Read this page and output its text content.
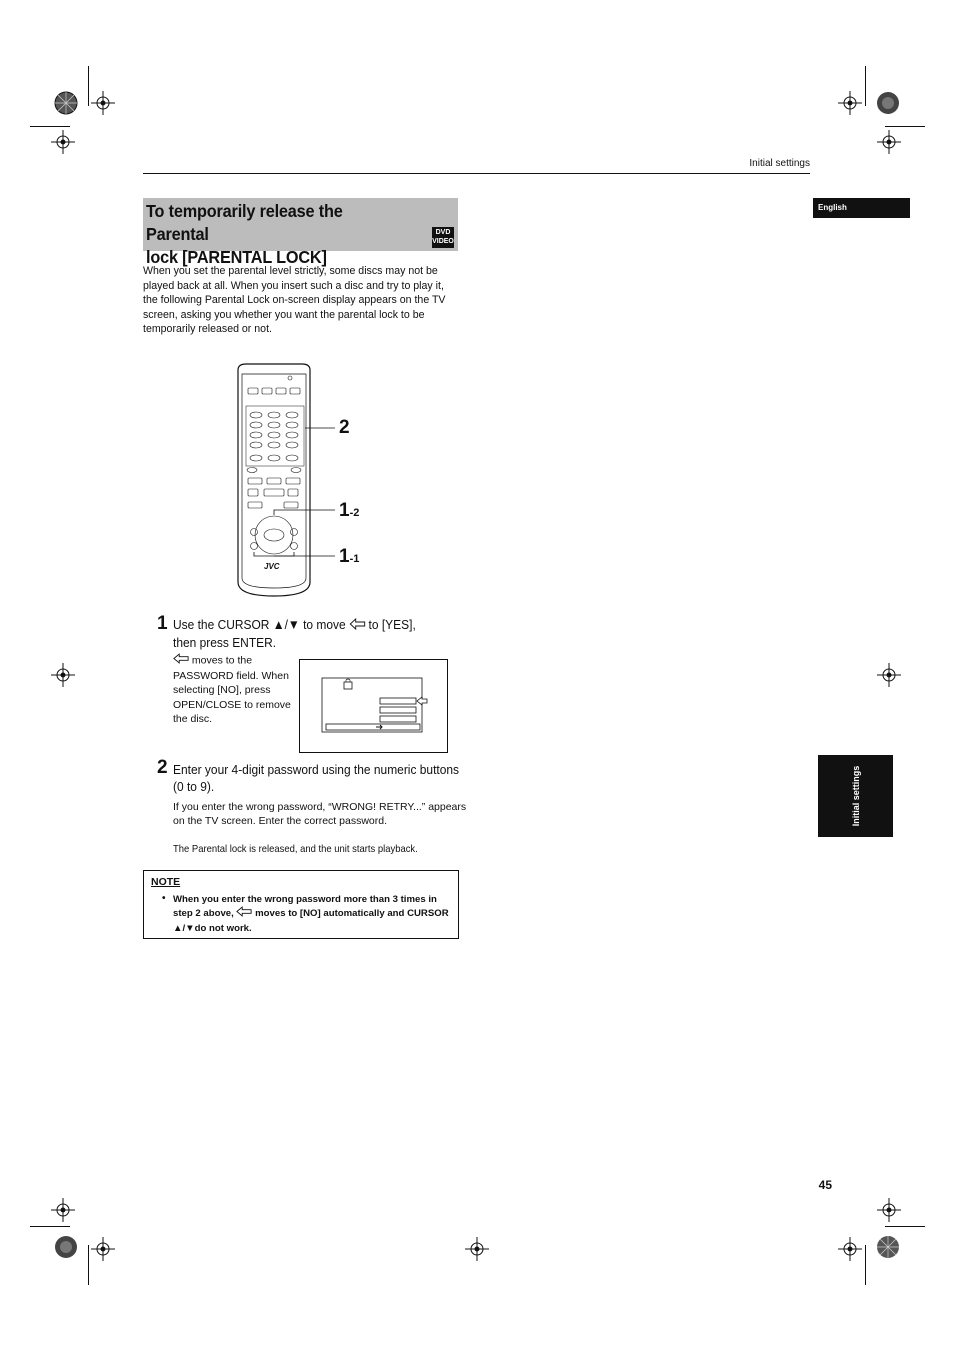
Initial settings
English
Initial settings
To temporarily release the Parental
lock [PARENTAL LOCK]
DVD
VIDEO
When you set the parental level strictly, some discs may not be played back at all. When you insert such a disc and try to play it, the following Parental Lock on-screen display appears on the TV screen, asking you whether you want the parental lock to be temporarily released or not.
JVC
2
1-2
1-1
1 Use the CURSOR ▲/▼ to move to [YES],
then press ENTER.
moves to the PASSWORD field. When selecting [NO], press OPEN/CLOSE to remove the disc.
2 Enter your 4-digit password using the numeric buttons (0 to 9).
If you enter the wrong password, “WRONG! RETRY...” appears on the TV screen. Enter the correct password.
The Parental lock is released, and the unit starts playback.
NOTE
• When you enter the wrong password more than 3 times in step 2 above, moves to [NO] automatically and CURSOR ▲/▼do not work.
45
